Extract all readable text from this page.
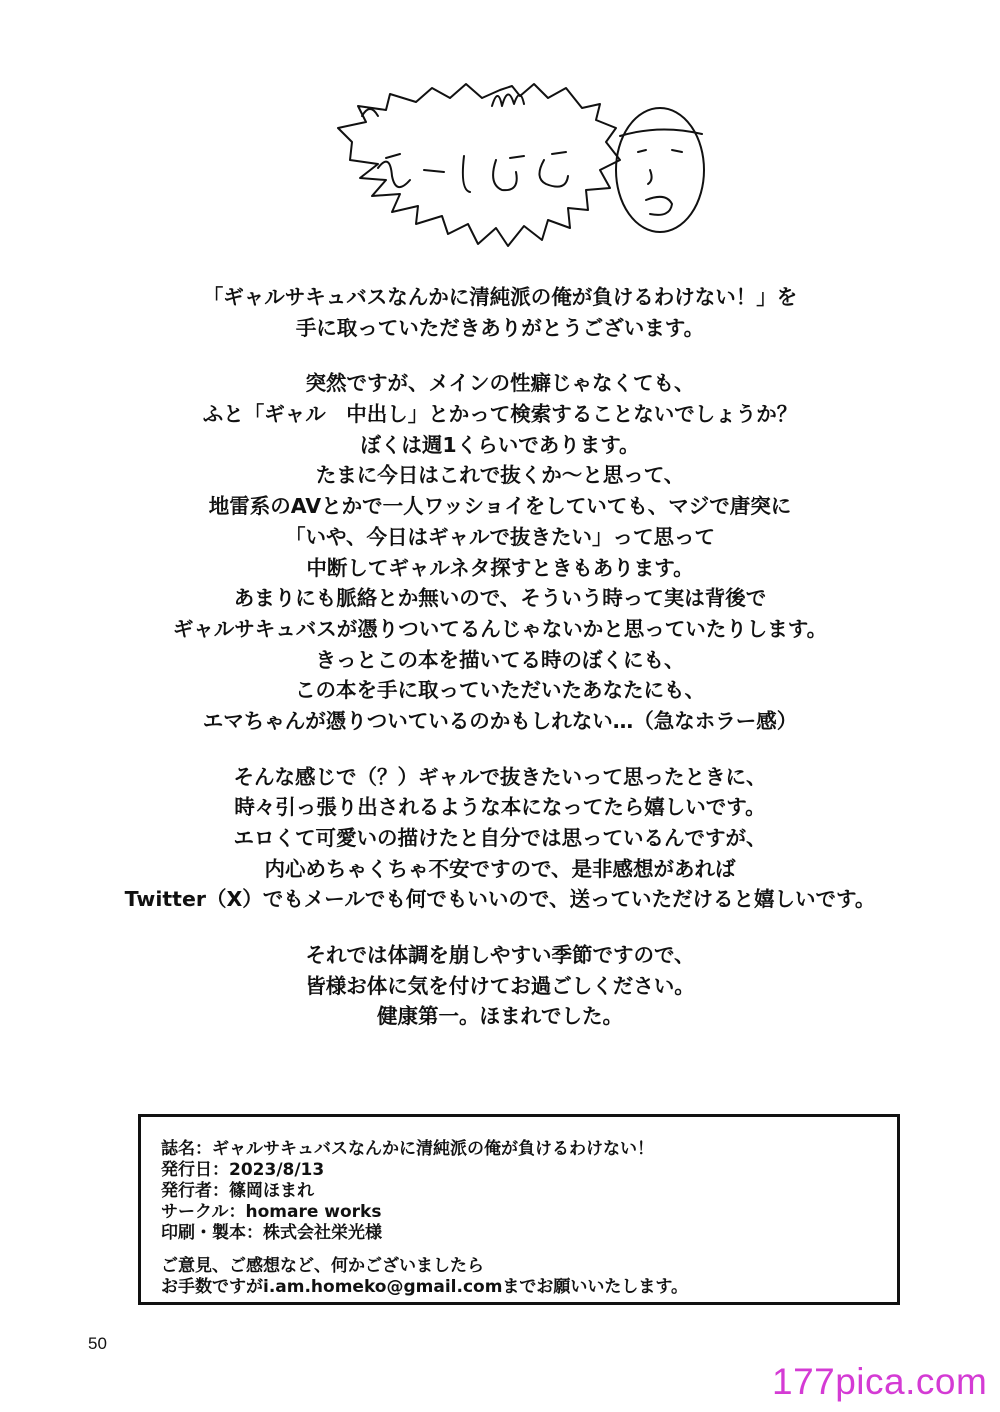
「ギャルサキュバスなんかに清純派の俺が負けるわけない！」を
手に取っていただきありがとうございます。
突然ですが、メインの性癖じゃなくても、
ふと「ギャル　中出し」とかって検索することないでしょうか？
ぼくは週1くらいであります。
たまに今日はこれで抜くか〜と思って、
地雷系のAVとかで一人ワッショイをしていても、マジで唐突に
「いや、今日はギャルで抜きたい」って思って
中断してギャルネタ探すときもあります。
あまりにも脈絡とか無いので、そういう時って実は背後で
ギャルサキュバスが憑りついてるんじゃないかと思っていたりします。
きっとこの本を描いてる時のぼくにも、
この本を手に取っていただいたあなたにも、
エマちゃんが憑りついているのかもしれない…（急なホラー感）
そんな感じで（？）ギャルで抜きたいって思ったときに、
時々引っ張り出されるような本になってたら嬉しいです。
エロくて可愛いの描けたと自分では思っているんですが、
内心めちゃくちゃ不安ですので、是非感想があれば
Twitter（X）でもメールでも何でもいいので、送っていただけると嬉しいです。
それでは体調を崩しやすい季節ですので、
皆様お体に気を付けてお過ごしください。
健康第一。ほまれでした。
誌名：ギャルサキュバスなんかに清純派の俺が負けるわけない！
発行日：2023/8/13
発行者：篠岡ほまれ
サークル：homare works
印刷・製本：株式会社栄光様
ご意見、ご感想など、何かございましたら
お手数ですがi.am.homeko@gmail.comまでお願いいたします。
50
177pica.com
